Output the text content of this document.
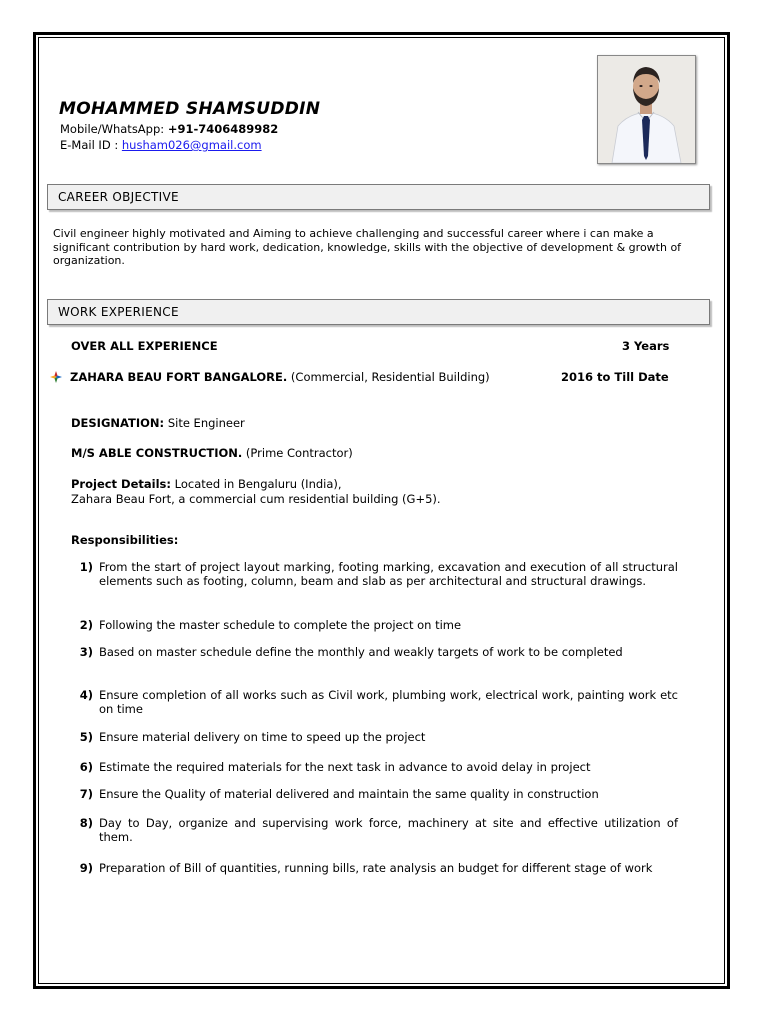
MOHAMMED SHAMSUDDIN
Mobile/WhatsApp: +91-7406489982
E-Mail ID : husham026@gmail.com
CAREER OBJECTIVE
Civil engineer highly motivated and Aiming to achieve challenging and successful career where i can make a significant contribution by hard work, dedication, knowledge, skills with the objective of development & growth of organization.
WORK EXPERIENCE
OVER ALL EXPERIENCE	3 Years
ZAHARA BEAU FORT BANGALORE. (Commercial, Residential Building)	2016 to Till Date
DESIGNATION: Site Engineer
M/S ABLE CONSTRUCTION. (Prime Contractor)
Project Details: Located in Bengaluru (India),
Zahara Beau Fort, a commercial cum residential building (G+5).
Responsibilities:
1) From the start of project layout marking, footing marking, excavation and execution of all structural elements such as footing, column, beam and slab as per architectural and structural drawings.
2) Following the master schedule to complete the project on time
3) Based on master schedule define the monthly and weakly targets of work to be completed
4) Ensure completion of all works such as Civil work, plumbing work, electrical work, painting work etc on time
5) Ensure material delivery on time to speed up the project
6) Estimate the required materials for the next task in advance to avoid delay in project
7) Ensure the Quality of material delivered and maintain the same quality in construction
8) Day to Day, organize and supervising work force, machinery at site and effective utilization of them.
9) Preparation of Bill of quantities, running bills, rate analysis an budget for different stage of work
